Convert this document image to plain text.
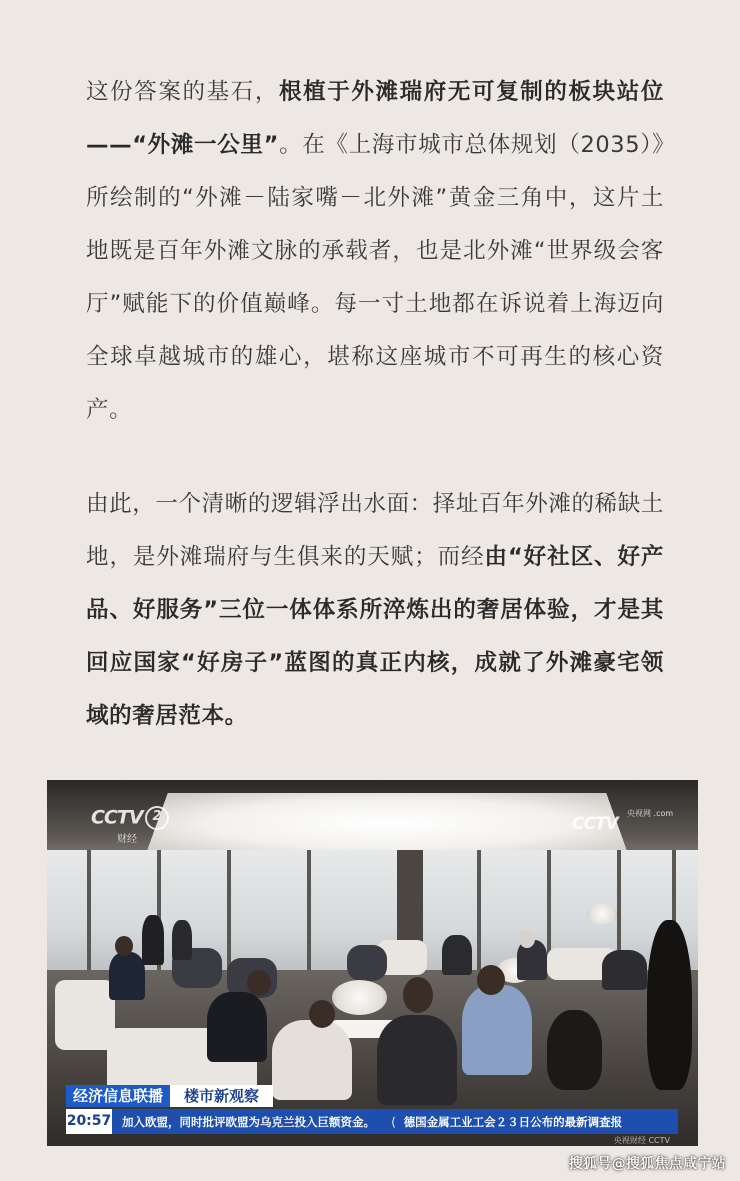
这份答案的基石，根植于外滩瑞府无可复制的板块站位——“外滩一公里”。在《上海市城市总体规划（2035）》所绘制的“外滩－陆家嘴－北外滩”黄金三角中，这片土地既是百年外滩文脉的承载者，也是北外滩“世界级会客厅”赋能下的价值巅峰。每一寸土地都在诉说着上海迈向全球卓越城市的雄心，堪称这座城市不可再生的核心资产。

由此，一个清晰的逻辑浮出水面：择址百年外滩的稀缺土地，是外滩瑞府与生俱来的天赋；而经由“好社区、好产品、好服务”三位一体体系所淬炼出的奢居体验，才是其回应国家“好房子”蓝图的真正内核，成就了外滩豪宅领域的奢居范本。

CCTV 2
财经
CCTV
央视网 .com
经济信息联播	楼市新观察
20:57 加入欧盟，同时批评欧盟为乌克兰投入巨额资金。 ⟨ 德国金属工业工会２３日公布的最新调查报
央视财经 CCTV
搜狐号@搜狐焦点咸宁站
